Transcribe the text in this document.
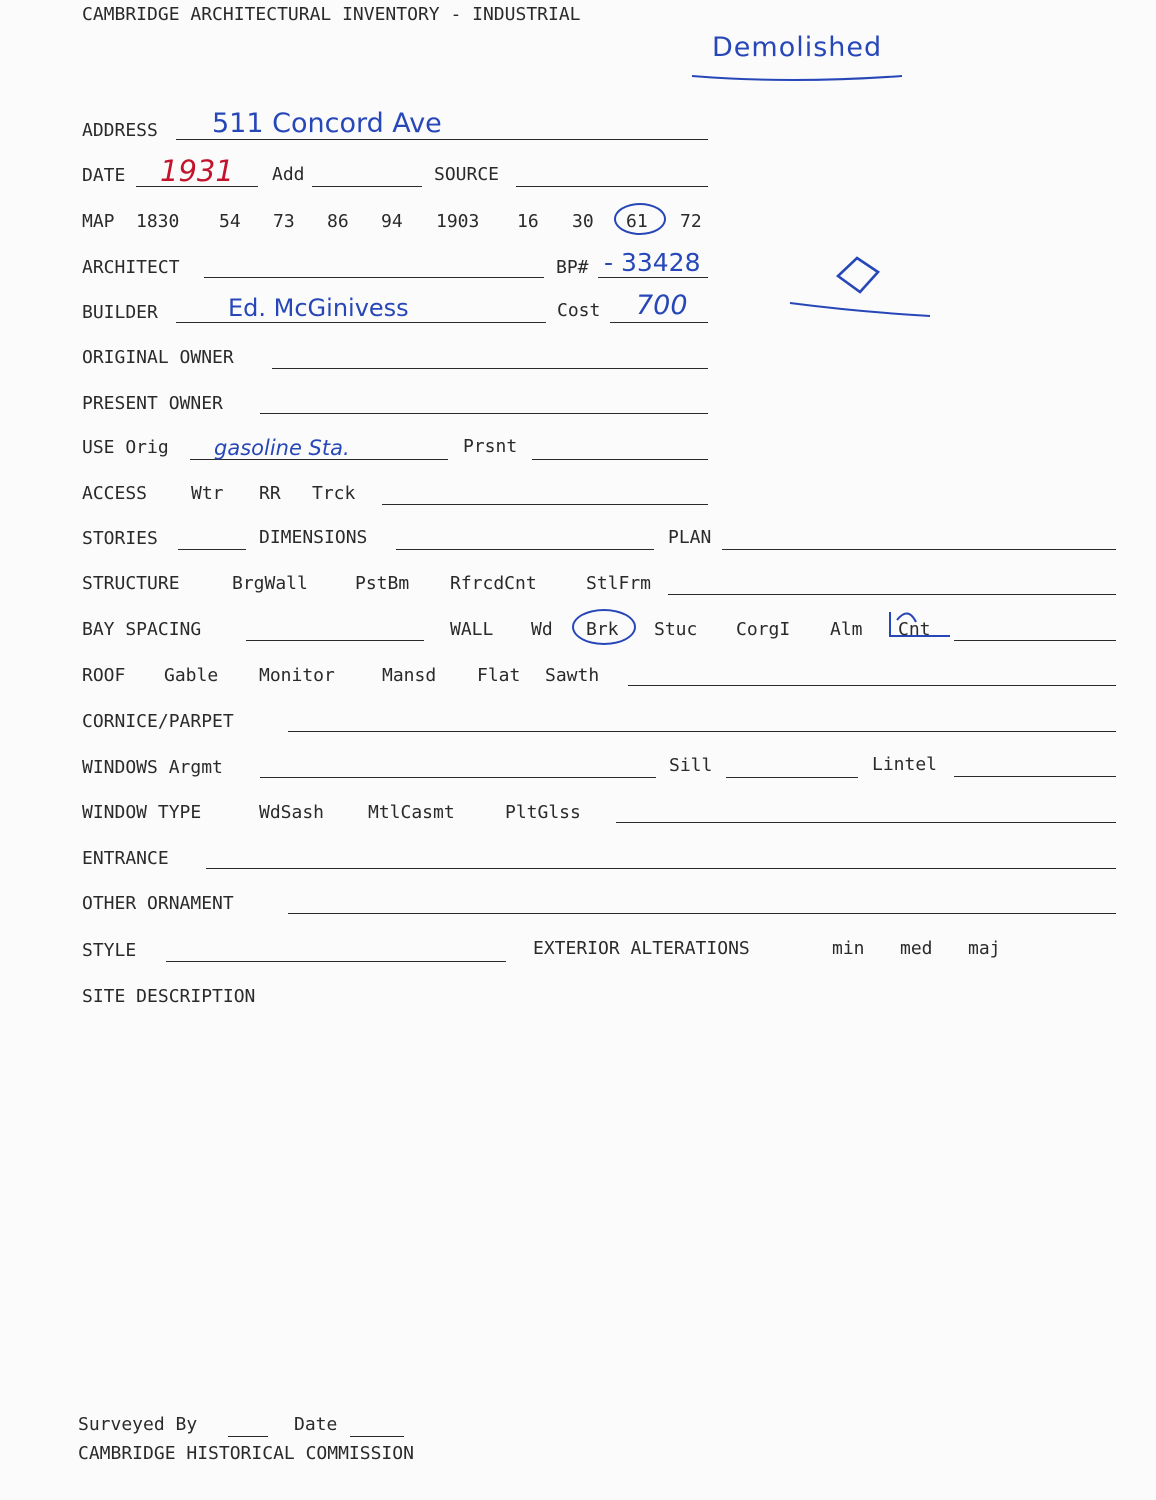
CAMBRIDGE ARCHITECTURAL INVENTORY - INDUSTRIAL
Demolished
ADDRESS 511 Concord Ave
DATE 1931 Add	SOURCE
MAP 1830 54 73 86 94 1903 16 30 61 72
ARCHITECT	BP# - 33428
BUILDER	Ed. McGinivess	Cost 700
ORIGINAL OWNER
PRESENT OWNER
USE Orig gasoline Sta.	Prsnt
ACCESS Wtr RR Trck
STORIES	DIMENSIONS	PLAN
STRUCTURE	BrgWall	PstBm RfrcdCnt	StlFrm
BAY SPACING	WALL Wd Brk Stuc CorgI Alm Cnt
ROOF Gable Monitor	Mansd Flat Sawth
CORNICE/PARPET
WINDOWS Argmt	Sill	Lintel
WINDOW TYPE	WdSash MtlCasmt	PltGlss
ENTRANCE
OTHER ORNAMENT
STYLE	EXTERIOR ALTERATIONS	min med maj
SITE DESCRIPTION
Surveyed By	Date
CAMBRIDGE HISTORICAL COMMISSION
